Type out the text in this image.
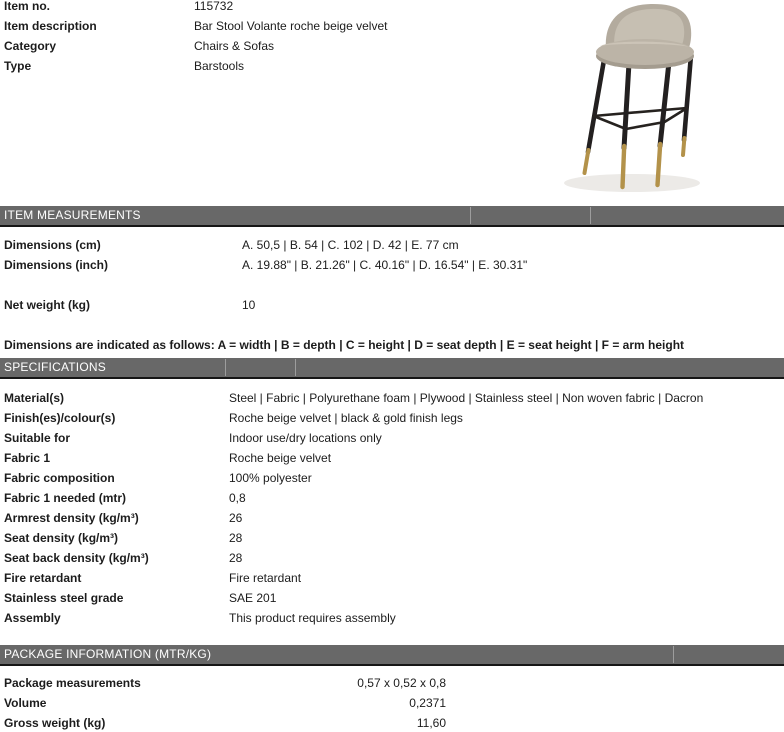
Item no.	115732
Item description	Bar Stool Volante roche beige velvet
Category	Chairs & Sofas
Type	Barstools
ITEM MEASUREMENTS
Dimensions (cm)	A. 50,5 | B. 54 | C. 102 | D. 42 | E. 77 cm
Dimensions (inch)	A. 19.88" | B. 21.26" | C. 40.16" | D. 16.54" | E. 30.31"
Net weight (kg)	10
Dimensions are indicated as follows: A = width | B = depth | C = height | D = seat depth | E = seat height | F = arm height
SPECIFICATIONS
Material(s)	Steel | Fabric | Polyurethane foam | Plywood | Stainless steel | Non woven fabric | Dacron
Finish(es)/colour(s)	Roche beige velvet | black & gold finish legs
Suitable for	Indoor use/dry locations only
Fabric 1	Roche beige velvet
Fabric composition	100% polyester
Fabric 1 needed (mtr)	0,8
Armrest density (kg/m³)	26
Seat density (kg/m³)	28
Seat back density (kg/m³)	28
Fire retardant	Fire retardant
Stainless steel grade	SAE 201
Assembly	This product requires assembly
PACKAGE INFORMATION (MTR/KG)
Package measurements	0,57 x 0,52 x 0,8
Volume	0,2371
Gross weight (kg)	11,60
